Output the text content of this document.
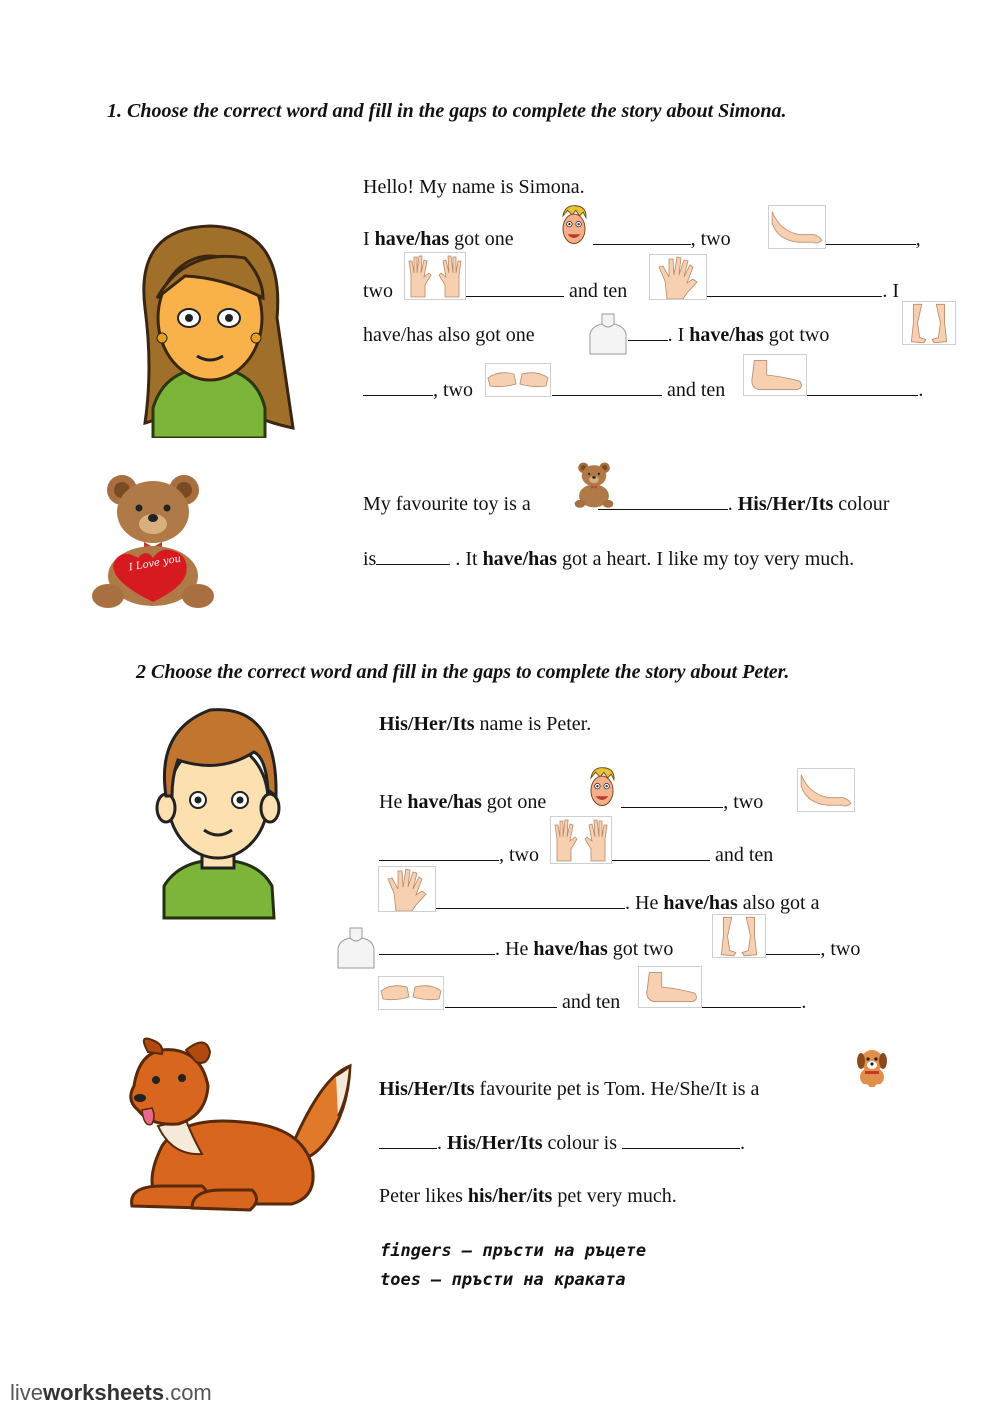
1. Choose the correct word and fill in the gaps to complete the story about Simona.
Hello! My name is Simona.
I have/has got one	, two	,
two	and ten	. I
have/has also got one	. I have/has got two
, two	and ten	.
I Love you
My favourite toy is a	. His/Her/Its colour
is	. It have/has got a heart. I like my toy very much.
2 Choose the correct word and fill in the gaps to complete the story about Peter.
His/Her/Its name is Peter.
He have/has got one	, two
, two	and ten
. He have/has also got a
. He have/has got two	, two
and ten	.
His/Her/Its favourite pet is Tom. He/She/It is a
. His/Her/Its colour is	.
Peter likes his/her/its pet very much.
fingers – пръсти на ръцете
toes – пръсти на краката
liveworksheets.com
